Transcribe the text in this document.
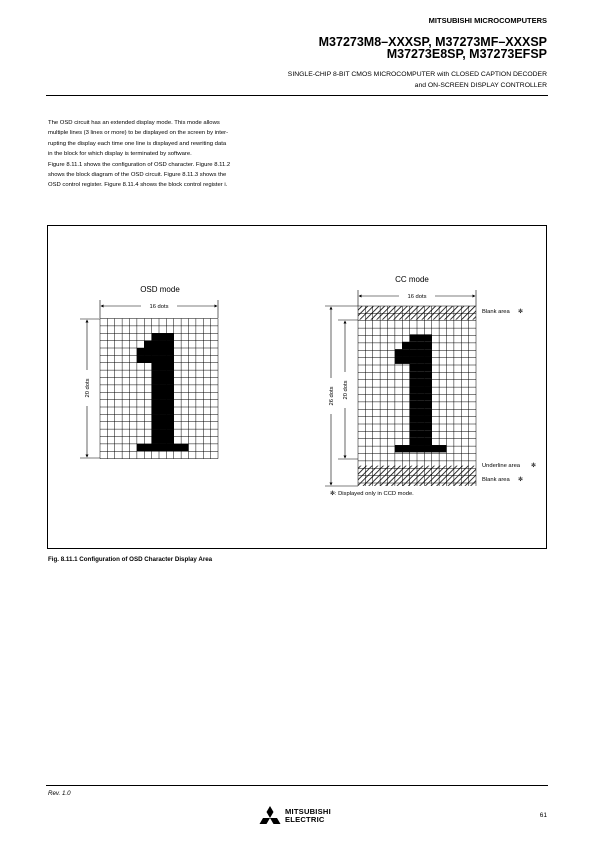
MITSUBISHI MICROCOMPUTERS
M37273M8–XXXSP, M37273MF–XXXSP
M37273E8SP, M37273EFSP
SINGLE-CHIP 8-BIT CMOS MICROCOMPUTER with CLOSED CAPTION DECODER
and ON-SCREEN DISPLAY CONTROLLER

The OSD circuit has an extended display mode. This mode allows

multiple lines (3 lines or more) to be displayed on the screen by inter-

rupting the display each time one line is displayed and rewriting data

in the block for which display is terminated by software.

Figure 8.11.1 shows the configuration of OSD character. Figure 8.11.2

shows the block diagram of the OSD circuit. Figure 8.11.3 shows the

OSD control register. Figure 8.11.4 shows the block control register i.

OSD mode
16 dots
20 dots
CC mode
16 dots
26 dots 20 dots
Blank area ✻
Underline area ✻
Blank area ✻
✻: Displayed only in CCD mode.
Fig. 8.11.1 Configuration of OSD Character Display Area
Rev. 1.0
MITSUBISHI
ELECTRIC	61
